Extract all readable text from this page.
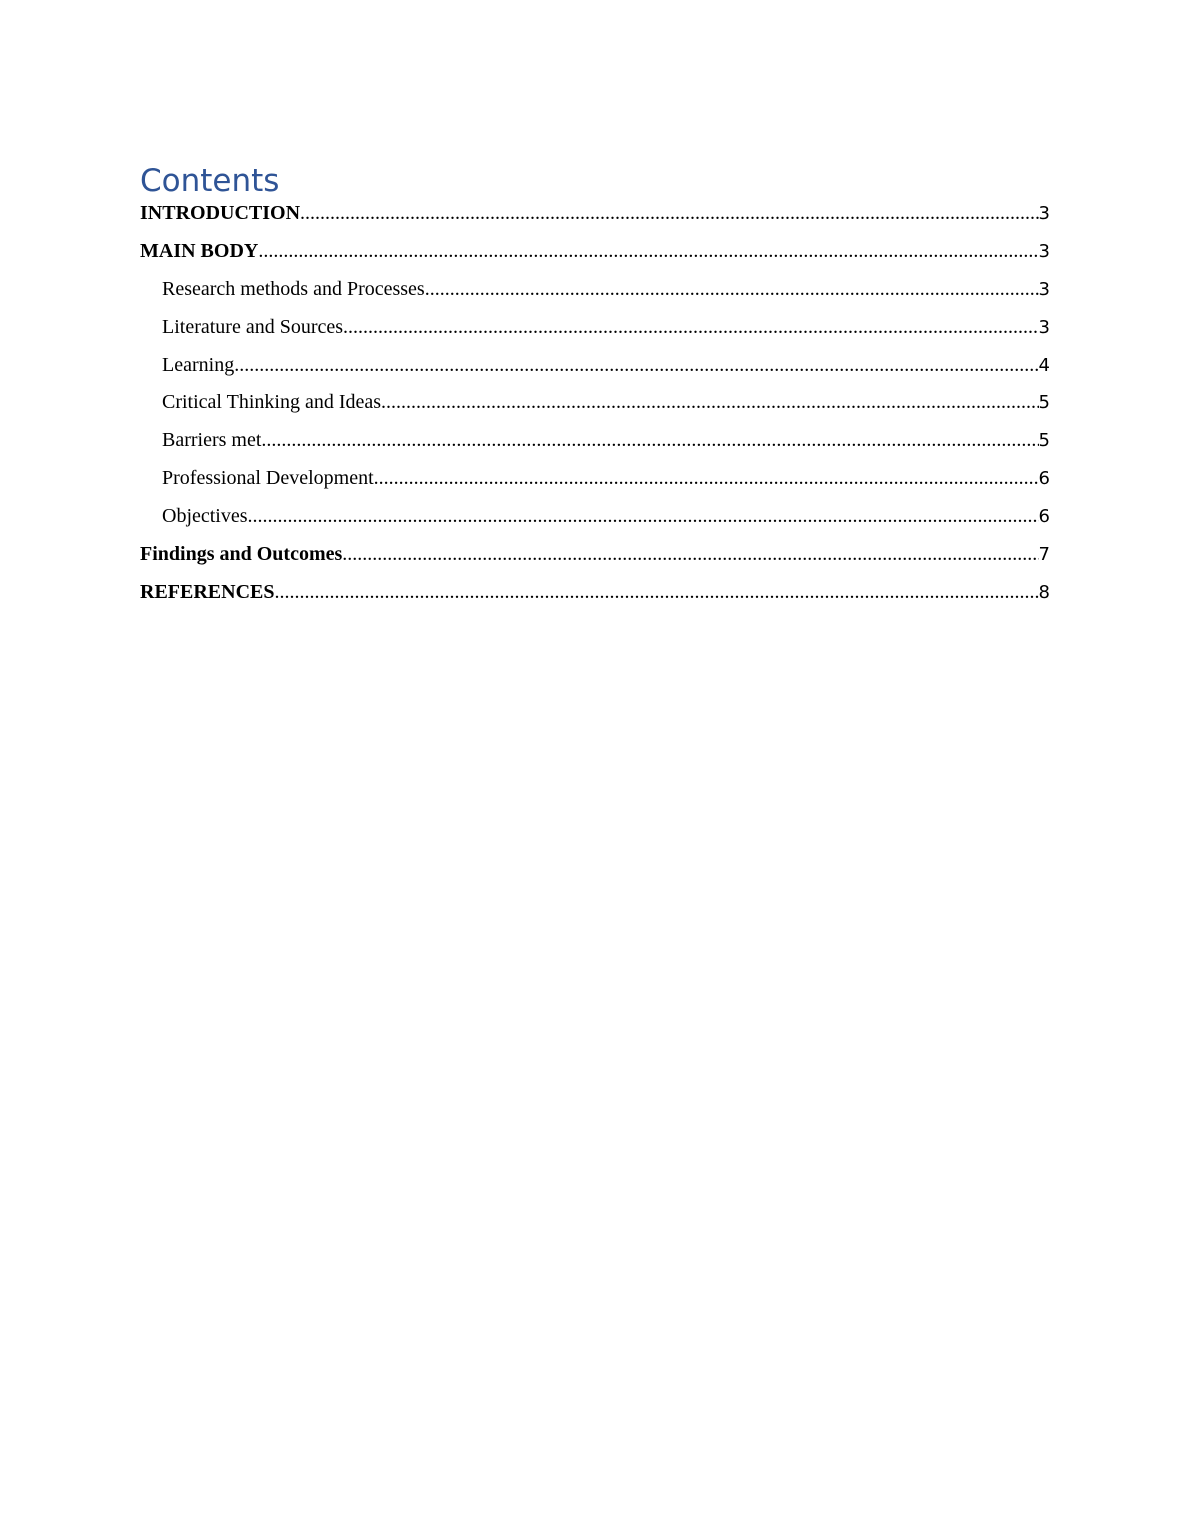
Contents
INTRODUCTION .....	3
MAIN BODY .....	3
Research methods and Processes .....	3
Literature and Sources .....	3
Learning .....	4
Critical Thinking and Ideas .....	5
Barriers met .....	5
Professional Development .....	6
Objectives .....	6
Findings and Outcomes .....	7
REFERENCES .....	8
